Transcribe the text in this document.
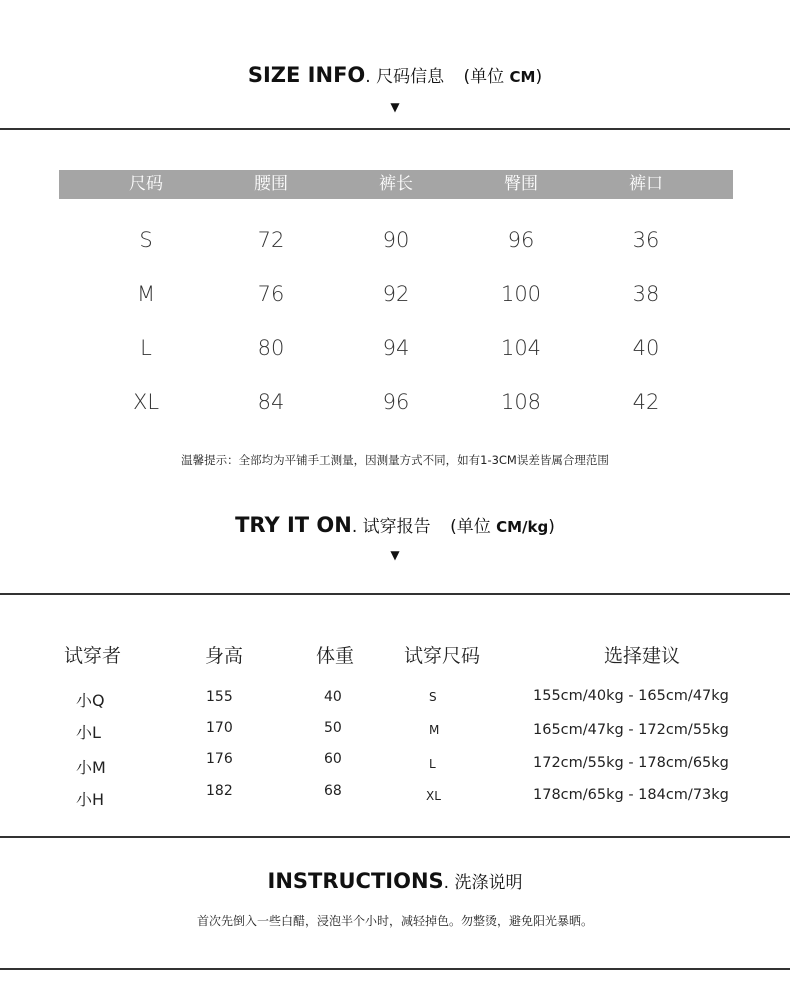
SIZE INFO. 尺码信息 (单位 CM)
▼
尺码	腰围	裤长	臀围	裤口
S	72	90	96	36
M	76	92	100	38
L	80	94	104	40
XL	84	96	108	42
温馨提示：全部均为平铺手工测量，因测量方式不同，如有1-3CM误差皆属合理范围
TRY IT ON. 试穿报告 (单位 CM/kg)
▼
试穿者	身高	体重	试穿尺码	选择建议
小Q	155	40	S	155cm/40kg - 165cm/47kg
小L	170	50	M	165cm/47kg - 172cm/55kg
小M	176	60	L	172cm/55kg - 178cm/65kg
小H	182	68	XL	178cm/65kg - 184cm/73kg
INSTRUCTIONS. 洗涤说明
首次先倒入一些白醋，浸泡半个小时，减轻掉色。勿整烫，避免阳光暴晒。
